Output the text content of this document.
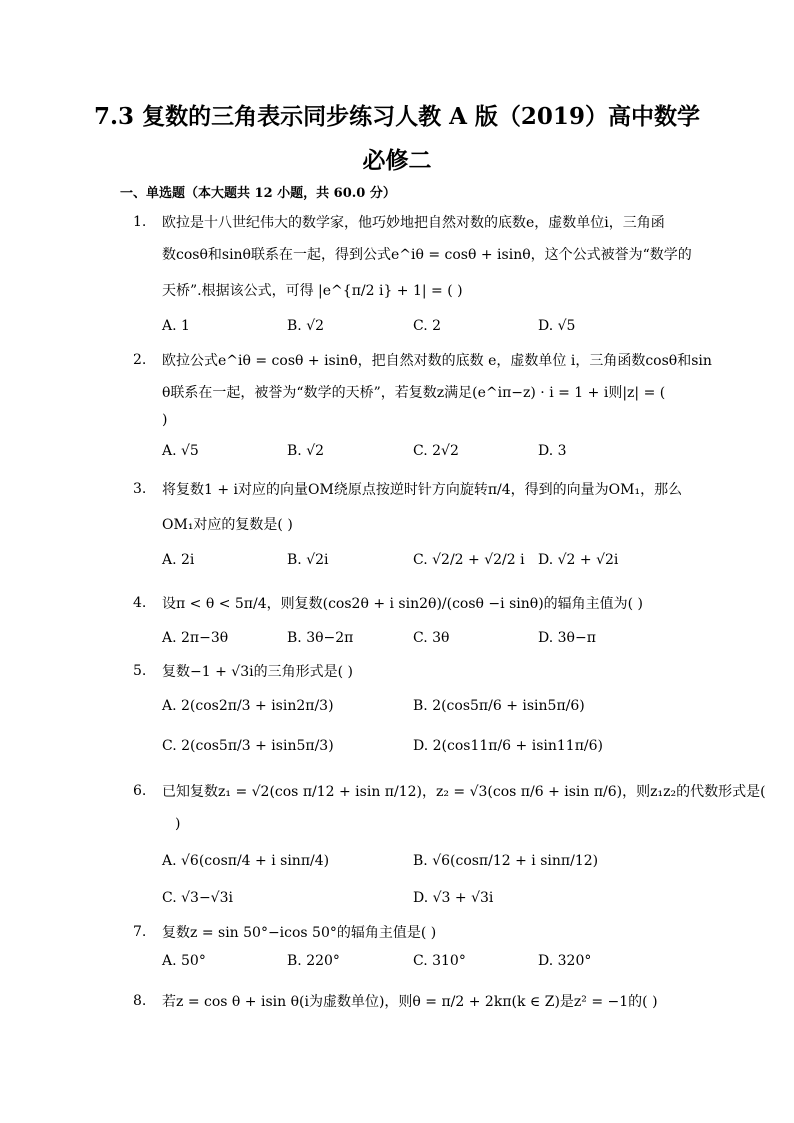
7.3 复数的三角表示同步练习人教 A 版（2019）高中数学
必修二
一、单选题（本大题共 12 小题，共 60.0 分）
1. 欧拉是十八世纪伟大的数学家，他巧妙地把自然对数的底数e，虚数单位i，三角函
数cosθ和sinθ联系在一起，得到公式e^iθ = cosθ + isinθ，这个公式被誉为“数学的
天桥”.根据该公式，可得 |e^{π/2 i} + 1| = ( )
A. 1	B. √2	C. 2	D. √5
2. 欧拉公式e^iθ = cosθ + isinθ，把自然对数的底数 e，虚数单位 i，三角函数cosθ和sin
θ联系在一起，被誉为“数学的天桥”，若复数z满足(e^iπ−z) · i = 1 + i则|z| = (
)
A. √5	B. √2	C. 2√2	D. 3
3. 将复数1 + i对应的向量OM绕原点按逆时针方向旋转π/4，得到的向量为OM₁，那么
OM₁对应的复数是( )
A. 2i	B. √2i	C. √2/2 + √2/2 i D. √2 + √2i
4. 设π < θ < 5π/4，则复数(cos2θ + i sin2θ)/(cosθ −i sinθ)的辐角主值为( )
A. 2π−3θ	B. 3θ−2π	C. 3θ	D. 3θ−π
5. 复数−1 + √3i的三角形式是( )
A. 2(cos2π/3 + isin2π/3)	B. 2(cos5π/6 + isin5π/6)
C. 2(cos5π/3 + isin5π/3)	D. 2(cos11π/6 + isin11π/6)
6. 已知复数z₁ = √2(cos π/12 + isin π/12)，z₂ = √3(cos π/6 + isin π/6)，则z₁z₂的代数形式是(
)
A. √6(cosπ/4 + i sinπ/4)	B. √6(cosπ/12 + i sinπ/12)
C. √3−√3i	D. √3 + √3i
7. 复数z = sin 50°−icos 50°的辐角主值是( )
A. 50°	B. 220°	C. 310°	D. 320°
8. 若z = cos θ + isin θ(i为虚数单位)，则θ = π/2 + 2kπ(k ∈ Z)是z² = −1的( )
